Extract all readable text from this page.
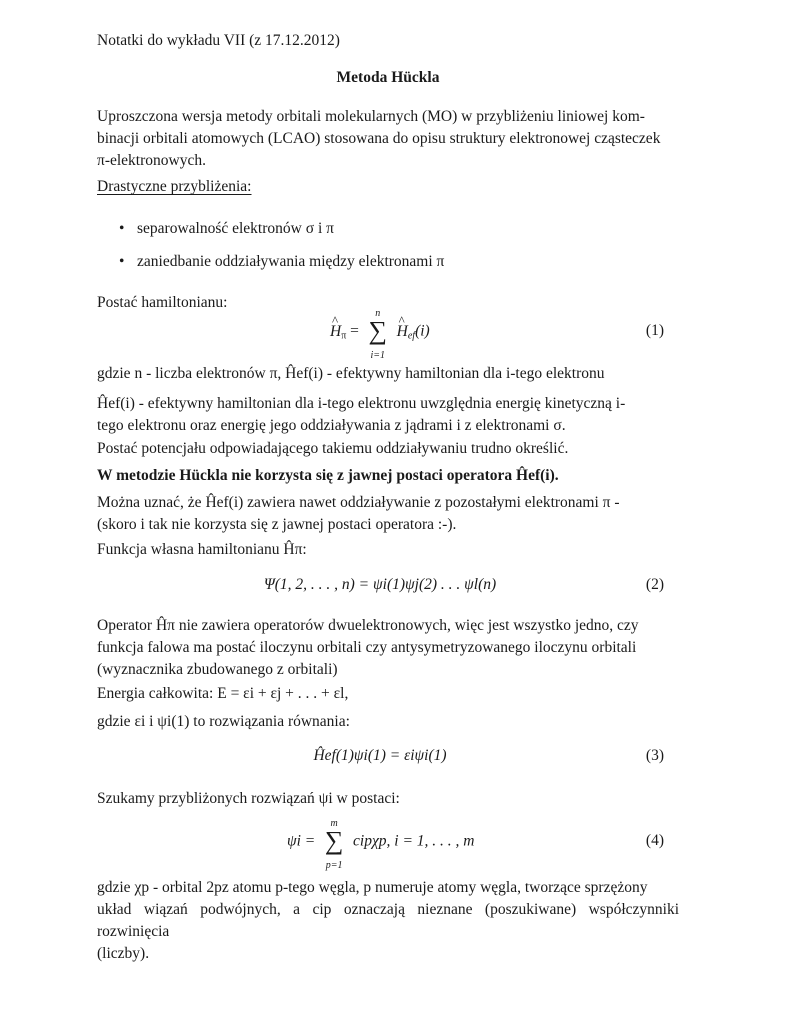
Notatki do wykładu VII (z 17.12.2012)
Metoda Hückla
Uproszczona wersja metody orbitali molekularnych (MO) w przybliżeniu liniowej kom-
binacji orbitali atomowych (LCAO) stosowana do opisu struktury elektronowej cząsteczek
π-elektronowych.
Drastyczne przybliżenia:
• separowalność elektronów σ i π
• zaniedbanie oddziaływania między elektronami π
Postać hamiltonianu:
^ $H_\pi$ =
n
∑
i=1
^ $H_{ef}(i)$	(1)
gdzie n - liczba elektronów π, Ĥef(i) - efektywny hamiltonian dla i-tego elektronu
Ĥef(i) - efektywny hamiltonian dla i-tego elektronu uwzględnia energię kinetyczną i-
tego elektronu oraz energię jego oddziaływania z jądrami i z elektronami σ.
Postać potencjału odpowiadającego takiemu oddziaływaniu trudno określić.
W metodzie Hückla nie korzysta się z jawnej postaci operatora Ĥef(i).
Można uznać, że Ĥef(i) zawiera nawet oddziaływanie z pozostałymi elektronami π -
(skoro i tak nie korzysta się z jawnej postaci operatora :-).
Funkcja własna hamiltonianu Ĥπ:
Ψ(1, 2, . . . , n) = ψi(1)ψj(2) . . . ψl(n)	(2)
Operator Ĥπ nie zawiera operatorów dwuelektronowych, więc jest wszystko jedno, czy
funkcja falowa ma postać iloczynu orbitali czy antysymetryzowanego iloczynu orbitali
(wyznacznika zbudowanego z orbitali)
Energia całkowita: E = εi + εj + . . . + εl,
gdzie εi i ψi(1) to rozwiązania równania:
Ĥef(1)ψi(1) = εiψi(1)	(3)
Szukamy przybliżonych rozwiązań ψi w postaci:
ψi =
m
∑
p=1
cipχp, i = 1, . . . , m	(4)
gdzie χp - orbital 2pz atomu p-tego węgla, p numeruje atomy węgla, tworzące sprzężony
układ wiązań podwójnych, a cip oznaczają nieznane (poszukiwane) współczynniki rozwinięcia
(liczby).
